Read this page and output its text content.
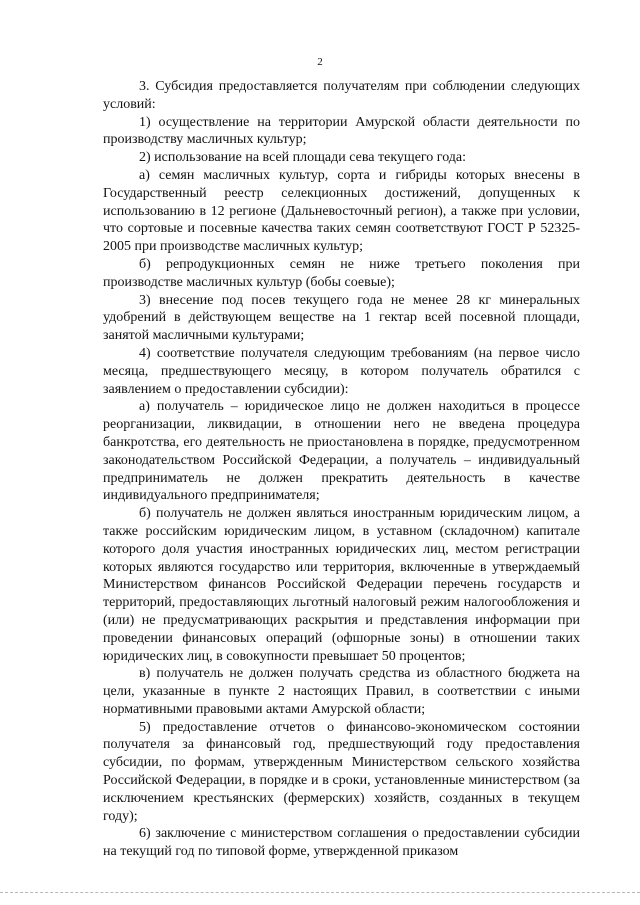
2

3. Субсидия предоставляется получателям при соблюдении следующих условий:

1) осуществление на территории Амурской области деятельности по производству масличных культур;

2) использование на всей площади сева текущего года:

а) семян масличных культур, сорта и гибриды которых внесены в Государственный реестр селекционных достижений, допущенных к использованию в 12 регионе (Дальневосточный регион), а также при условии, что сортовые и посевные качества таких семян соответствуют ГОСТ Р 52325-2005 при производстве масличных культур;

б) репродукционных семян не ниже третьего поколения при производстве масличных культур (бобы соевые);

3) внесение под посев текущего года не менее 28 кг минеральных удобрений в действующем веществе на 1 гектар всей посевной площади, занятой масличными культурами;

4) соответствие получателя следующим требованиям (на первое число месяца, предшествующего месяцу, в котором получатель обратился с заявлением о предоставлении субсидии):

а) получатель – юридическое лицо не должен находиться в процессе реорганизации, ликвидации, в отношении него не введена процедура банкротства, его деятельность не приостановлена в порядке, предусмотренном законодательством Российской Федерации, а получатель – индивидуальный предприниматель не должен прекратить деятельность в качестве индивидуального предпринимателя;

б) получатель не должен являться иностранным юридическим лицом, а также российским юридическим лицом, в уставном (складочном) капитале которого доля участия иностранных юридических лиц, местом регистрации которых являются государство или территория, включенные в утверждаемый Министерством финансов Российской Федерации перечень государств и территорий, предоставляющих льготный налоговый режим налогообложения и (или) не предусматривающих раскрытия и представления информации при проведении финансовых операций (офшорные зоны) в отношении таких юридических лиц, в совокупности превышает 50 процентов;

в) получатель не должен получать средства из областного бюджета на цели, указанные в пункте 2 настоящих Правил, в соответствии с иными нормативными правовыми актами Амурской области;

5) предоставление отчетов о финансово-экономическом состоянии получателя за финансовый год, предшествующий году предоставления субсидии, по формам, утвержденным Министерством сельского хозяйства Российской Федерации, в порядке и в сроки, установленные министерством (за исключением крестьянских (фермерских) хозяйств, созданных в текущем году);

6) заключение с министерством соглашения о предоставлении субсидии на текущий год по типовой форме, утвержденной приказом
